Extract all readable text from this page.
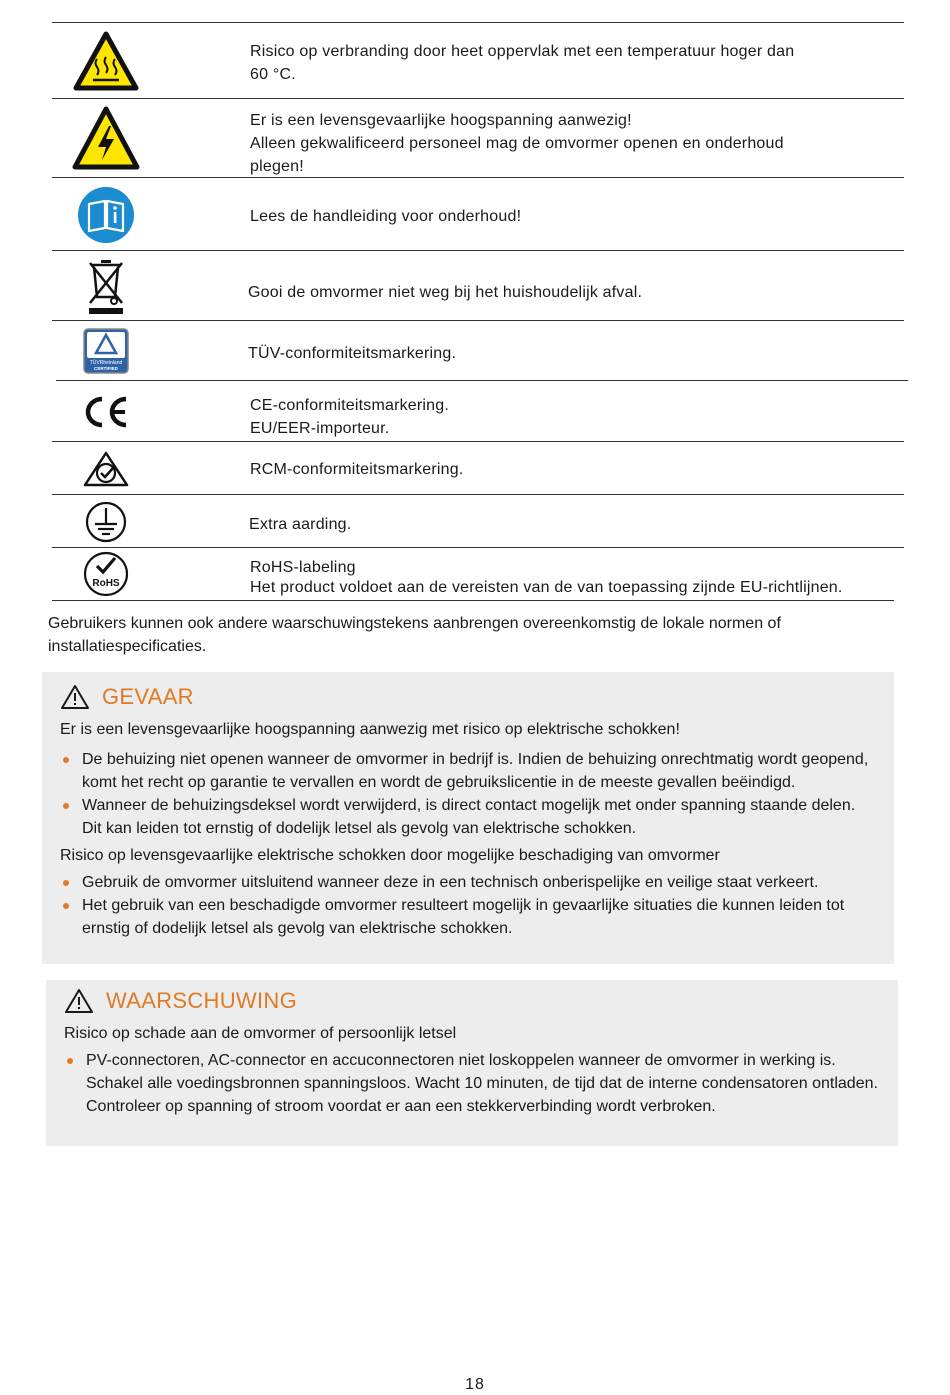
Risico op verbranding door heet oppervlak met een temperatuur hoger dan
60 °C.
Er is een levensgevaarlijke hoogspanning aanwezig!
Alleen gekwalificeerd personeel mag de omvormer openen en onderhoud
plegen!
Lees de handleiding voor onderhoud!
Gooi de omvormer niet weg bij het huishoudelijk afval.
TÜVRheinland
CERTIFIED
TÜV-conformiteitsmarkering.
CE-conformiteitsmarkering.
EU/EER-importeur.
RCM-conformiteitsmarkering.
Extra aarding.
RoHS
RoHS-labeling
Het product voldoet aan de vereisten van de van toepassing zijnde EU-richtlijnen.
Gebruikers kunnen ook andere waarschuwingstekens aanbrengen overeenkomstig de lokale normen of installatiespecificaties.
GEVAAR
Er is een levensgevaarlijke hoogspanning aanwezig met risico op elektrische schokken!
De behuizing niet openen wanneer de omvormer in bedrijf is. Indien de behuizing onrechtmatig wordt geopend, komt het recht op garantie te vervallen en wordt de gebruikslicentie in de meeste gevallen beëindigd.
Wanneer de behuizingsdeksel wordt verwijderd, is direct contact mogelijk met onder spanning staande delen. Dit kan leiden tot ernstig of dodelijk letsel als gevolg van elektrische schokken.
Risico op levensgevaarlijke elektrische schokken door mogelijke beschadiging van omvormer
Gebruik de omvormer uitsluitend wanneer deze in een technisch onberispelijke en veilige staat verkeert.
Het gebruik van een beschadigde omvormer resulteert mogelijk in gevaarlijke situaties die kunnen leiden tot ernstig of dodelijk letsel als gevolg van elektrische schokken.
WAARSCHUWING
Risico op schade aan de omvormer of persoonlijk letsel
PV-connectoren, AC-connector en accuconnectoren niet loskoppelen wanneer de omvormer in werking is. Schakel alle voedingsbronnen spanningsloos. Wacht 10 minuten, de tijd dat de interne condensatoren ontladen. Controleer op spanning of stroom voordat er aan een stekkerverbinding wordt verbroken.
18
